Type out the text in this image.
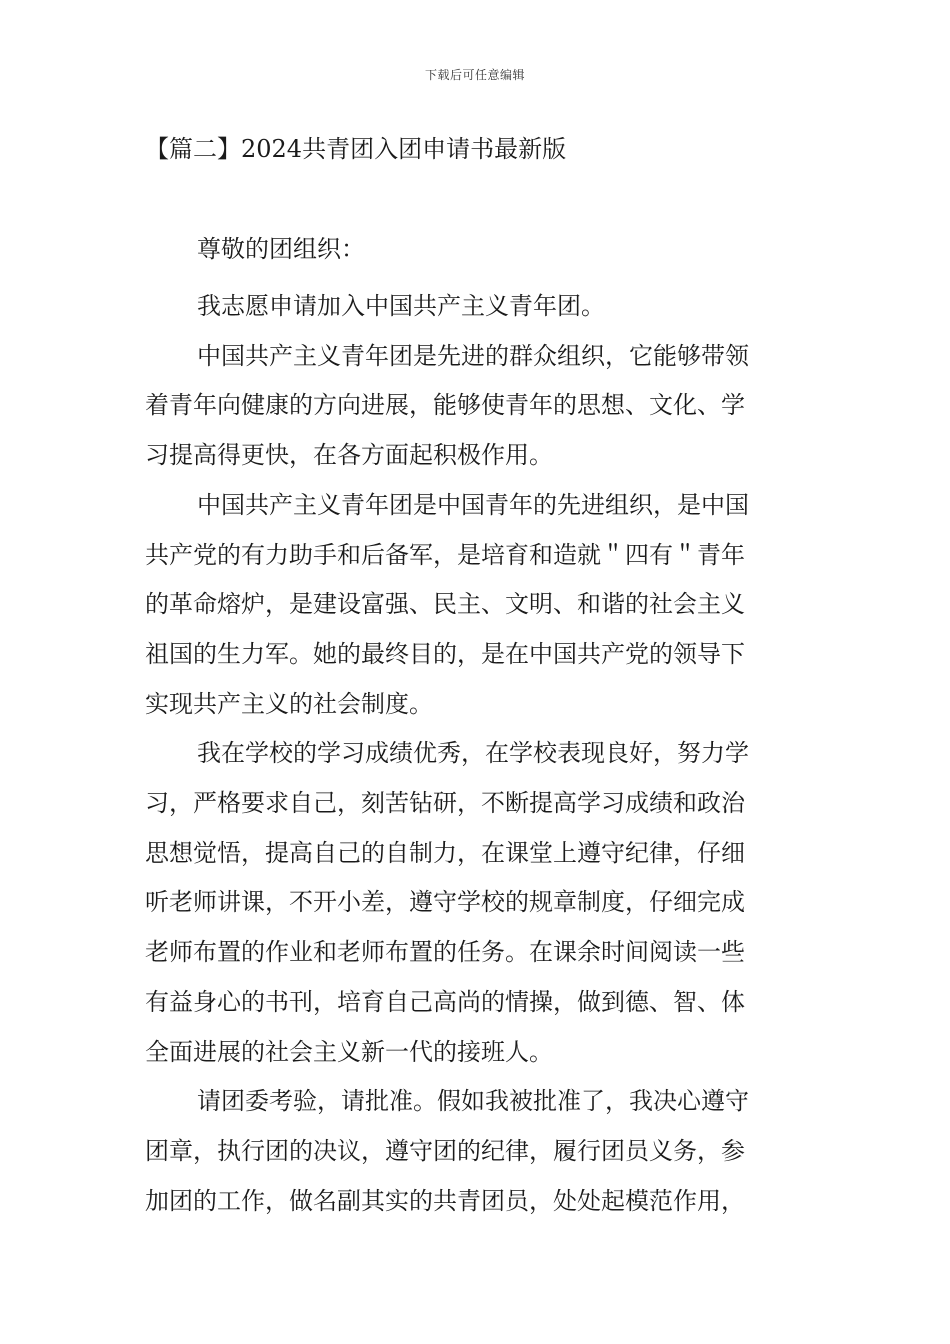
下载后可任意编辑
【篇二】2024共青团入团申请书最新版

尊敬的团组织：

我志愿申请加入中国共产主义青年团。

中国共产主义青年团是先进的群众组织，它能够带领
着青年向健康的方向进展，能够使青年的思想、文化、学
习提高得更快，在各方面起积极作用。

中国共产主义青年团是中国青年的先进组织，是中国
共产党的有力助手和后备军，是培育和造就＂四有＂青年
的革命熔炉，是建设富强、民主、文明、和谐的社会主义
祖国的生力军。她的最终目的，是在中国共产党的领导下
实现共产主义的社会制度。

我在学校的学习成绩优秀，在学校表现良好，努力学
习，严格要求自己，刻苦钻研，不断提高学习成绩和政治
思想觉悟，提高自己的自制力，在课堂上遵守纪律，仔细
听老师讲课，不开小差，遵守学校的规章制度，仔细完成
老师布置的作业和老师布置的任务。在课余时间阅读一些
有益身心的书刊，培育自己高尚的情操，做到德、智、体
全面进展的社会主义新一代的接班人。

请团委考验，请批准。假如我被批准了，我决心遵守
团章，执行团的决议，遵守团的纪律，履行团员义务，参
加团的工作，做名副其实的共青团员，处处起模范作用，
